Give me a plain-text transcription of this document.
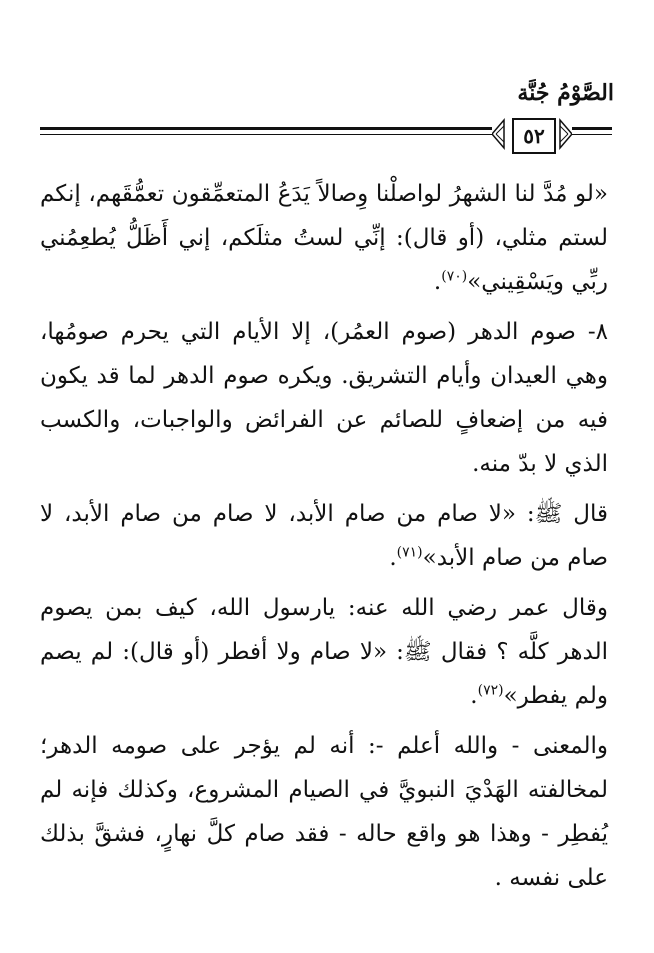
الصَّوْمُ جُنَّة
٥٢

«لو مُدَّ لنا الشهرُ لواصلْنا وِصالاً يَدَعُ المتعمِّقون تعمُّقَهم، إنكم لستم مثلي، (أو قال): إنِّي لستُ مثلَكم، إني أَظَلُّ يُطعِمُني ربِّي ويَسْقِيني»$^{(٧٠)}$.

٨- صوم الدهر (صوم العمُر)، إلا الأيام التي يحرم صومُها، وهي العيدان وأيام التشريق. ويكره صوم الدهر لما قد يكون فيه من إضعافٍ للصائم عن الفرائض والواجبات، والكسب الذي لا بدّ منه.

قال ﷺ: «لا صام من صام الأبد، لا صام من صام الأبد، لا صام من صام الأبد»$^{(٧١)}$.

وقال عمر رضي الله عنه: يارسول الله، كيف بمن يصوم الدهر كلَّه ؟ فقال ﷺ: «لا صام ولا أفطر (أو قال): لم يصم ولم يفطر»$^{(٧٢)}$.

والمعنى - والله أعلم -: أنه لم يؤجر على صومه الدهر؛ لمخالفته الهَدْيَ النبويَّ في الصيام المشروع، وكذلك فإنه لم يُفطِر - وهذا هو واقع حاله - فقد صام كلَّ نهارٍ، فشقَّ بذلك على نفسه .
